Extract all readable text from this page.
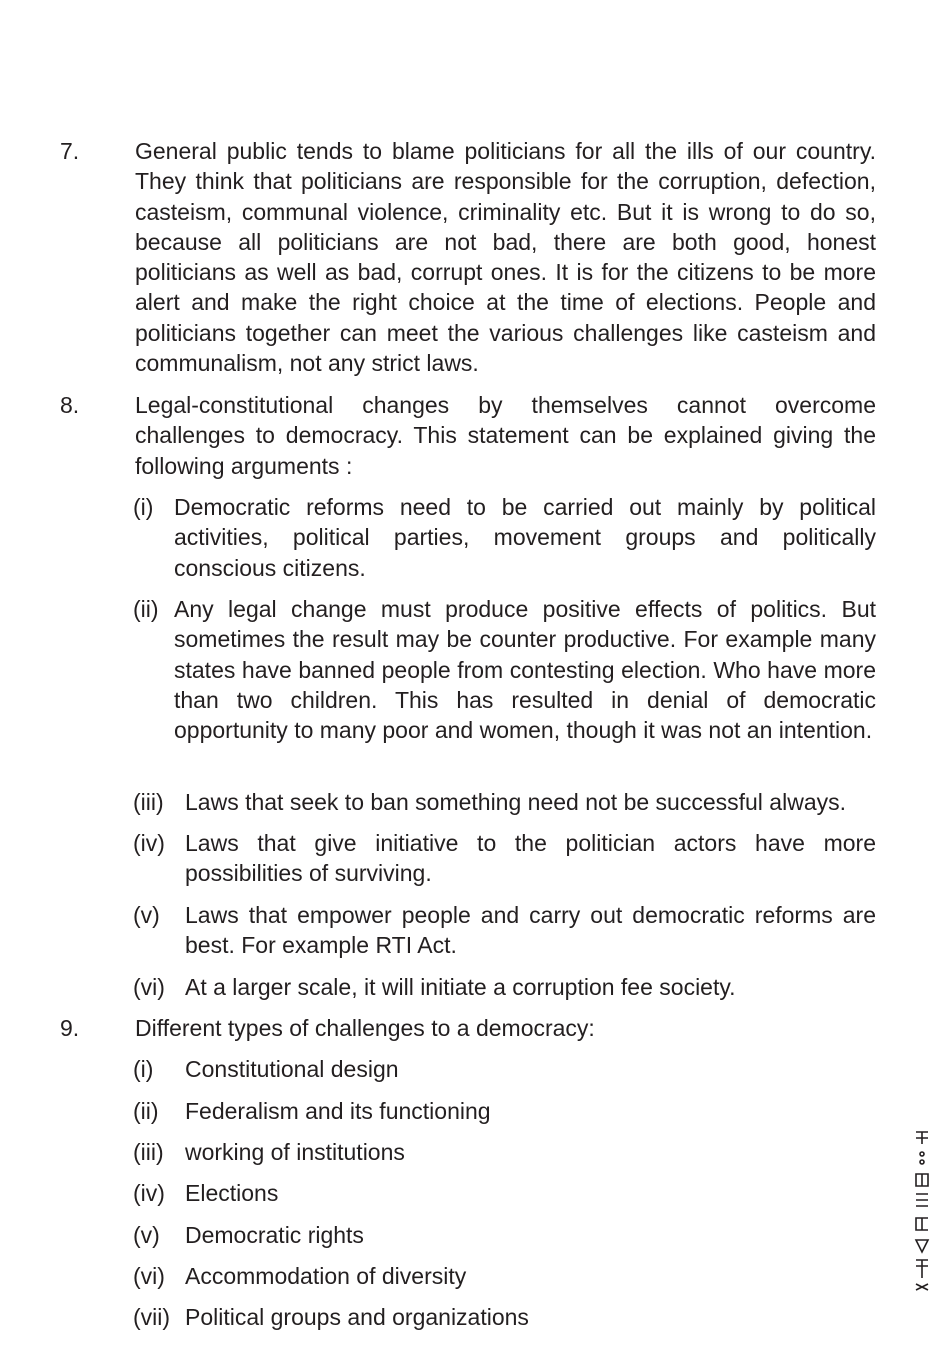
7. General public tends to blame politicians for all the ills of our country. They think that politicians are responsible for the corruption, defection, casteism, communal violence, criminality etc. But it is wrong to do so, because all politicians are not bad, there are both good, honest politicians as well as bad, corrupt ones. It is for the citizens to be more alert and make the right choice at the time of elections. People and politicians together can meet the various challenges like casteism and communalism, not any strict laws.
8. Legal-constitutional changes by themselves cannot overcome challenges to democracy. This statement can be explained giving the following arguments :
(i) Democratic reforms need to be carried out mainly by political activities, political parties, movement groups and politically conscious citizens.
(ii) Any legal change must produce positive effects of politics. But sometimes the result may be counter productive. For example many states have banned people from contesting election. Who have more than two children. This has resulted in denial of democratic opportunity to many poor and women, though it was not an intention.
(iii) Laws that seek to ban something need not be successful always.
(iv) Laws that give initiative to the politician actors have more possibilities of surviving.
(v) Laws that empower people and carry out democratic reforms are best. For example RTI Act.
(vi) At a larger scale, it will initiate a corruption fee society.
9. Different types of challenges to a democracy:
(i) Constitutional design
(ii) Federalism and its functioning
(iii) working of institutions
(iv) Elections
(v) Democratic rights
(vi) Accommodation of diversity
(vii) Political groups and organizations
